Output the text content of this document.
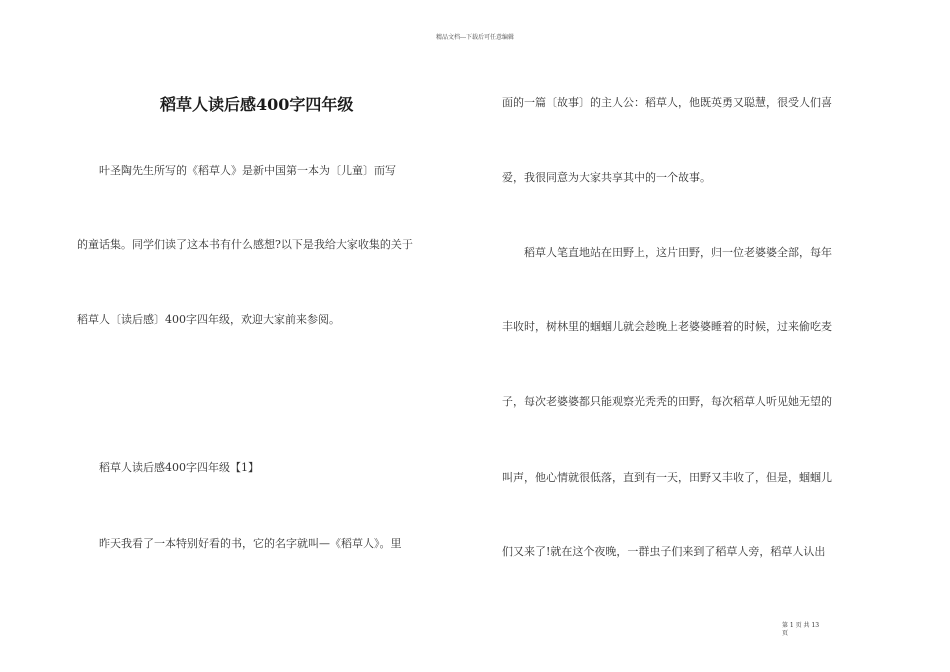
精品文档---下载后可任意编辑
稻草人读后感400字四年级
　　叶圣陶先生所写的《稻草人》是新中国第一本为〔儿童〕而写
的童话集。同学们读了这本书有什么感想?以下是我给大家收集的关于
稻草人〔读后感〕400字四年级，欢迎大家前来参阅。
　　稻草人读后感400字四年级【1】
　　昨天我看了一本特别好看的书，它的名字就叫—《稻草人》。里
面的一篇〔故事〕的主人公：稻草人，他既英勇又聪慧，很受人们喜
爱，我很同意为大家共享其中的一个故事。
　　稻草人笔直地站在田野上，这片田野，归一位老婆婆全部，每年
丰收时，树林里的蝈蝈儿就会趁晚上老婆婆睡着的时候，过来偷吃麦
子，每次老婆婆都只能观察光秃秃的田野，每次稻草人听见她无望的
叫声，他心情就很低落，直到有一天，田野又丰收了，但是，蝈蝈儿
们又来了!就在这个夜晚，一群虫子们来到了稻草人旁，稻草人认出
第 1 页 共 13
页
